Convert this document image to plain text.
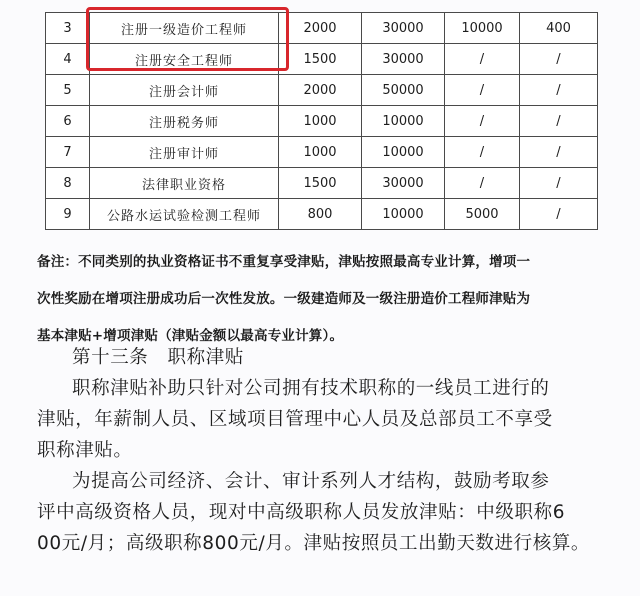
3	注册一级造价工程师	2000	30000	10000	400
4	注册安全工程师	1500	30000	/	/
5	注册会计师	2000	50000	/	/
6	注册税务师	1000	10000	/	/
7	注册审计师	1000	10000	/	/
8	法律职业资格	1500	30000	/	/
9	公路水运试验检测工程师	800	10000	5000	/
备注：不同类别的执业资格证书不重复享受津贴，津贴按照最高专业计算，增项一
次性奖励在增项注册成功后一次性发放。一级建造师及一级注册造价工程师津贴为
基本津贴+增项津贴（津贴金额以最高专业计算）。
第十三条　职称津贴
职称津贴补助只针对公司拥有技术职称的一线员工进行的
津贴，年薪制人员、区域项目管理中心人员及总部员工不享受
职称津贴。
为提高公司经济、会计、审计系列人才结构，鼓励考取参
评中高级资格人员，现对中高级职称人员发放津贴：中级职称6
00元/月；高级职称800元/月。津贴按照员工出勤天数进行核算。
